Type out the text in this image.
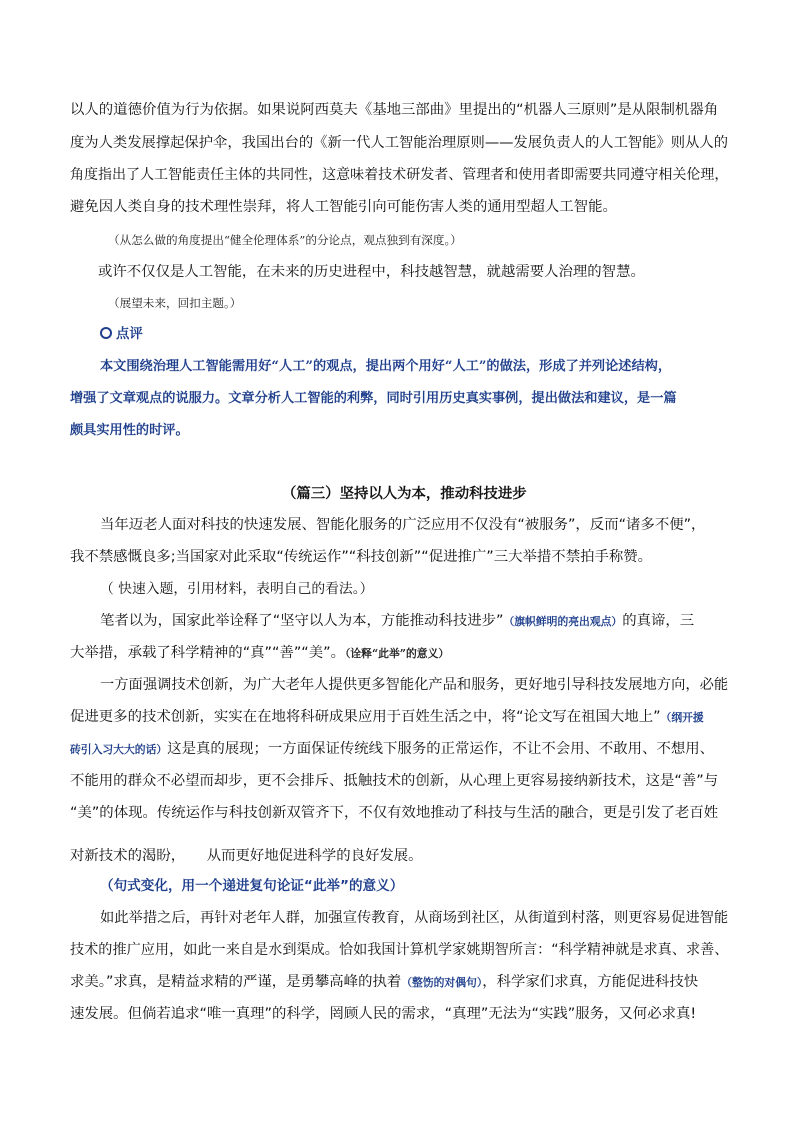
以人的道德价值为行为依据。如果说阿西莫夫《基地三部曲》里提出的“机器人三原则”是从限制机器角
度为人类发展撑起保护伞，我国出台的《新一代人工智能治理原则——发展负责人的人工智能》则从人的
角度指出了人工智能责任主体的共同性，这意味着技术研发者、管理者和使用者即需要共同遵守相关伦理，
避免因人类自身的技术理性崇拜，将人工智能引向可能伤害人类的通用型超人工智能。
（从怎么做的角度提出“健全伦理体系”的分论点，观点独到有深度。）
或许不仅仅是人工智能，在未来的历史进程中，科技越智慧，就越需要人治理的智慧。
（展望未来，回扣主题。）
点评
本文围绕治理人工智能需用好“人工”的观点，提出两个用好“人工”的做法，形成了并列论述结构，
增强了文章观点的说服力。文章分析人工智能的利弊，同时引用历史真实事例，提出做法和建议，是一篇
颇具实用性的时评。
（篇三）坚持以人为本，推动科技进步
当年迈老人面对科技的快速发展、智能化服务的广泛应用不仅没有“被服务”，反而“诸多不便”，
我不禁感慨良多;当国家对此采取“传统运作”“科技创新”“促进推广”三大举措不禁拍手称赞。
（ 快速入题，引用材料，表明自己的看法。）
笔者以为，国家此举诠释了“坚守以人为本，方能推动科技进步”（旗帜鲜明的亮出观点）的真谛，三
大举措，承载了科学精神的“真”“善”“美”。（诠释“此举”的意义）
一方面强调技术创新，为广大老年人提供更多智能化产品和服务，更好地引导科技发展地方向，必能
促进更多的技术创新，实实在在地将科研成果应用于百姓生活之中，将“论文写在祖国大地上”（纲开援
砖引入习大大的话）这是真的展现；一方面保证传统线下服务的正常运作，不让不会用、不敢用、不想用、
不能用的群众不必望而却步，更不会排斥、抵触技术的创新，从心理上更容易接纳新技术，这是“善”与
“美”的体现。传统运作与科技创新双管齐下，不仅有效地推动了科技与生活的融合，更是引发了老百姓
对新技术的渴盼，　　从而更好地促进科学的良好发展。
（句式变化，用一个递进复句论证“此举”的意义）
如此举措之后，再针对老年人群，加强宣传教育，从商场到社区，从街道到村落，则更容易促进智能
技术的推广应用，如此一来自是水到渠成。恰如我国计算机学家姚期智所言：“科学精神就是求真、求善、
求美。”求真，是精益求精的严谨，是勇攀高峰的执着（整饬的对偶句），科学家们求真，方能促进科技快
速发展。但倘若追求“唯一真理”的科学，罔顾人民的需求，“真理”无法为“实践”服务，又何必求真!
